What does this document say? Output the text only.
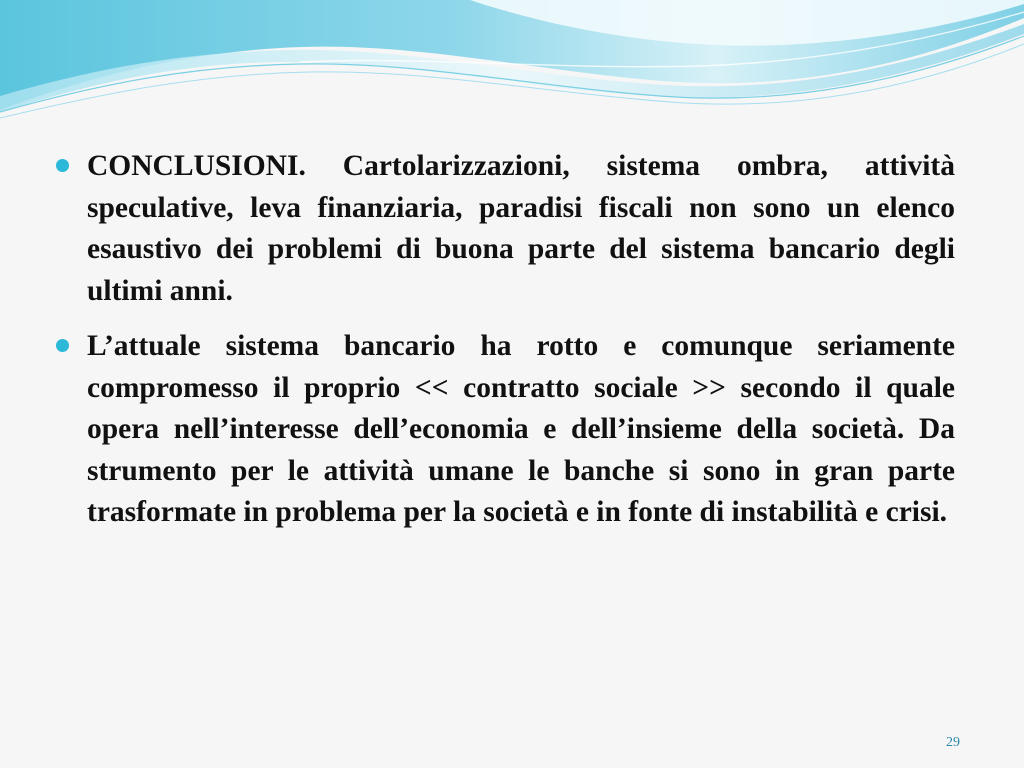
CONCLUSIONI. Cartolarizzazioni, sistema ombra, attività speculative, leva finanziaria, paradisi fiscali non sono un elenco esaustivo dei problemi di buona parte del sistema bancario degli ultimi anni.
L’attuale sistema bancario ha rotto e comunque seriamente compromesso il proprio << contratto sociale >> secondo il quale opera nell’interesse dell’economia e dell’insieme della società. Da strumento per le attività umane le banche si sono in gran parte trasformate in problema per la società e in fonte di instabilità e crisi.
29
